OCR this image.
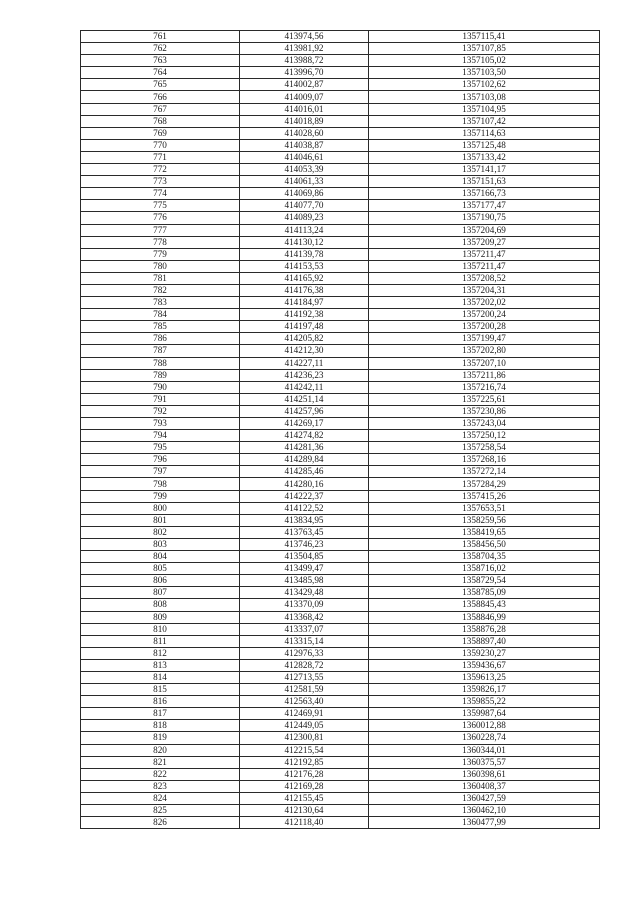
761	413974,56	1357115,41
762	413981,92	1357107,85
763	413988,72	1357105,02
764	413996,70	1357103,50
765	414002,87	1357102,62
766	414009,07	1357103,08
767	414016,01	1357104,95
768	414018,89	1357107,42
769	414028,60	1357114,63
770	414038,87	1357125,48
771	414046,61	1357133,42
772	414053,39	1357141,17
773	414061,33	1357151,63
774	414069,86	1357166,73
775	414077,70	1357177,47
776	414089,23	1357190,75
777	414113,24	1357204,69
778	414130,12	1357209,27
779	414139,78	1357211,47
780	414153,53	1357211,47
781	414165,92	1357208,52
782	414176,38	1357204,31
783	414184,97	1357202,02
784	414192,38	1357200,24
785	414197,48	1357200,28
786	414205,82	1357199,47
787	414212,30	1357202,80
788	414227,11	1357207,10
789	414236,23	1357211,86
790	414242,11	1357216,74
791	414251,14	1357225,61
792	414257,96	1357230,86
793	414269,17	1357243,04
794	414274,82	1357250,12
795	414281,36	1357258,54
796	414289,84	1357268,16
797	414285,46	1357272,14
798	414280,16	1357284,29
799	414222,37	1357415,26
800	414122,52	1357653,51
801	413834,95	1358259,56
802	413763,45	1358419,65
803	413746,23	1358456,50
804	413504,85	1358704,35
805	413499,47	1358716,02
806	413485,98	1358729,54
807	413429,48	1358785,09
808	413370,09	1358845,43
809	413368,42	1358846,99
810	413337,07	1358876,28
811	413315,14	1358897,40
812	412976,33	1359230,27
813	412828,72	1359436,67
814	412713,55	1359613,25
815	412581,59	1359826,17
816	412563,40	1359855,22
817	412469,91	1359987,64
818	412449,05	1360012,88
819	412300,81	1360228,74
820	412215,54	1360344,01
821	412192,85	1360375,57
822	412176,28	1360398,61
823	412169,28	1360408,37
824	412155,45	1360427,59
825	412130,64	1360462,10
826	412118,40	1360477,99
